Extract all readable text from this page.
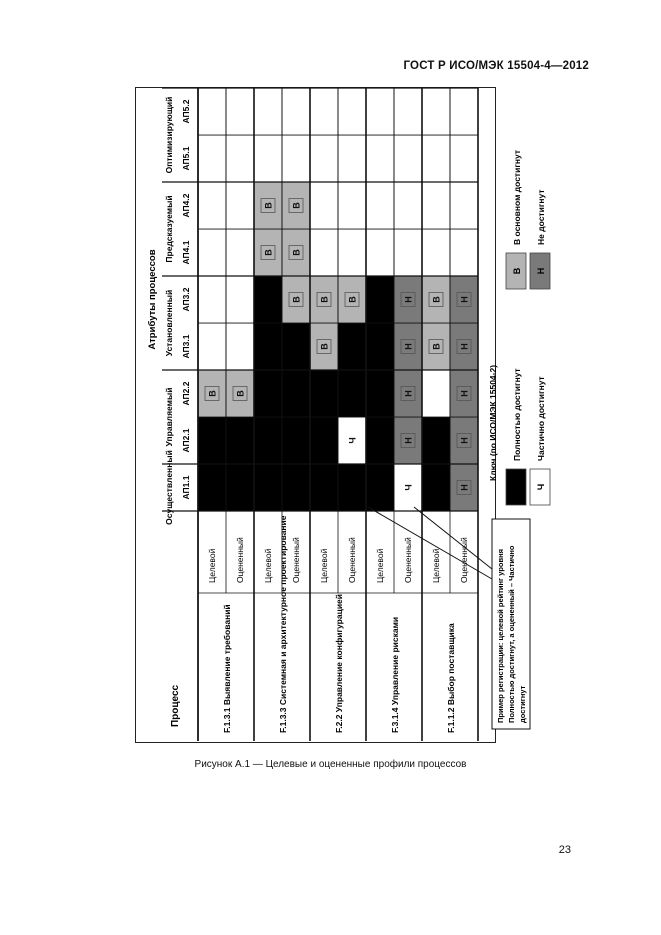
ГОСТ Р ИСО/МЭК 15504-4—2012
Процесс
Атрибуты процессов
Осуществленный АП1.1
Управляемый АП2.1
АП2.2
Установленный АП3.1
АП3.2
Предсказуемый АП4.1
АП4.2
Оптимизирующий АП5.1
АП5.2
F.1.3.1 Выявление требований
Целевой
В
Оцененный
В
F.1.3.3 Системная и архитектурное проектирование
Целевой
В
В
Оцененный
В
В
В
F.2.2 Управление конфигурацией
Целевой
В
В
Оцененный
Ч
В
F.3.1.4 Управление рисками
Целевой Оцененный
Ч
Н
Н
Н
Н
F.1.1.2 Выбор поставщика
Целевой
В
В
Оцененный
Н
Н
Н
Н
Н
Ключ (по ИСО/МЭК 15504-2) Полностью достигнут
В
В основном достигнут
Ч
Частично достигнут
Н
Не достигнут
Пример регистрации: целевой рейтинг уровня Полностью достигнут, а оцененный – Частично достигнут
Рисунок А.1 — Целевые и оцененные профили процессов
23
